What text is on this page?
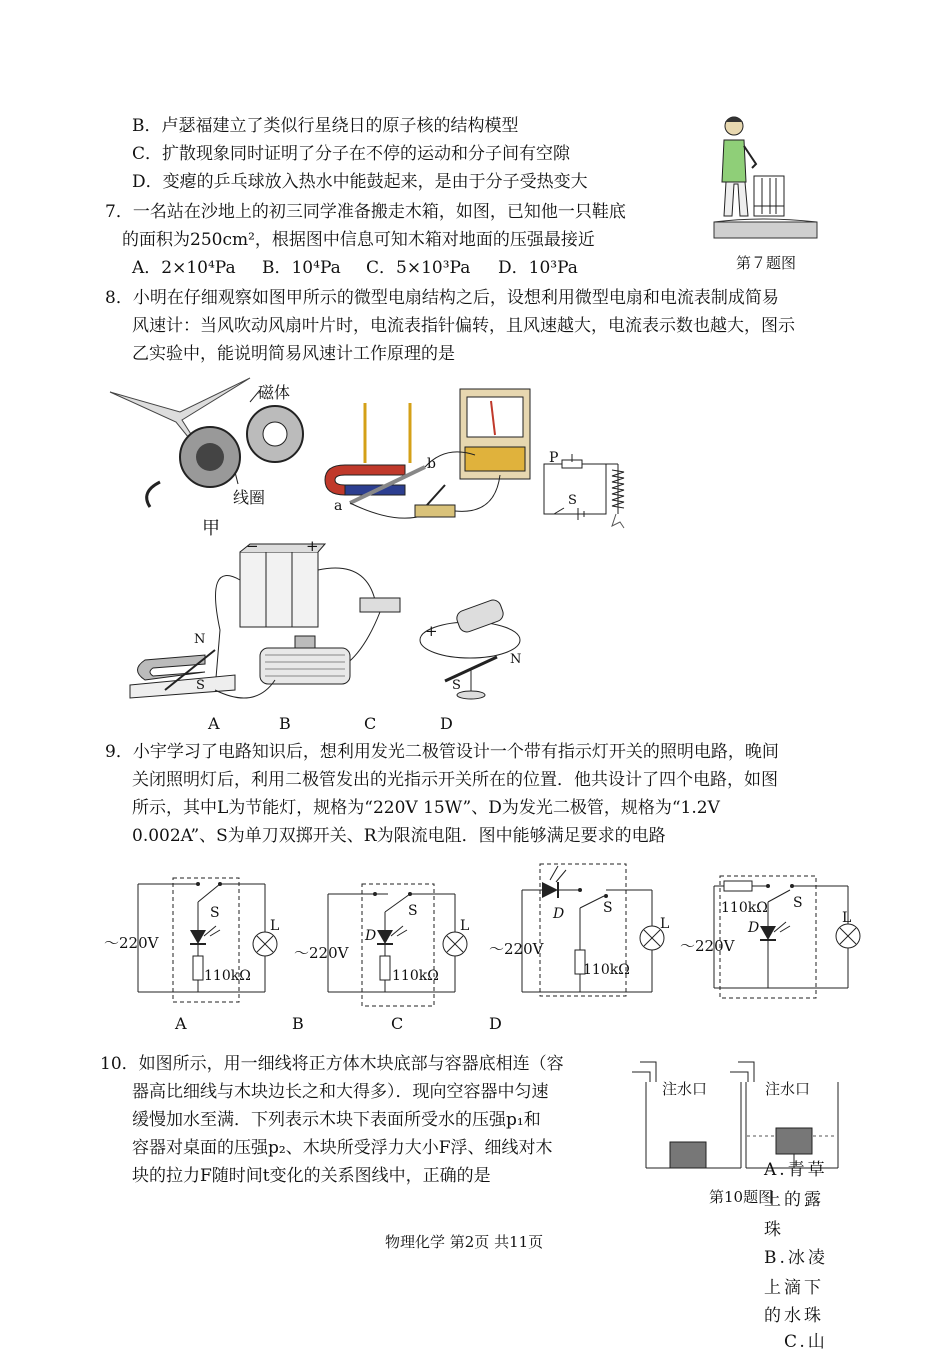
B．卢瑟福建立了类似行星绕日的原子核的结构模型
C．扩散现象同时证明了分子在不停的运动和分子间有空隙
D．变瘪的乒乓球放入热水中能鼓起来，是由于分子受热变大
7．一名站在沙地上的初三同学准备搬走木箱，如图，已知他一只鞋底
的面积为250cm²，根据图中信息可知木箱对地面的压强最接近
A．2×10⁴Pa B．10⁴Pa C．5×10³Pa D．10³Pa	第７题图
8．小明在仔细观察如图甲所示的微型电扇结构之后，设想利用微型电扇和电流表制成简易
风速计：当风吹动风扇叶片时，电流表指针偏转，且风速越大，电流表示数也越大，图示
乙实验中，能说明简易风速计工作原理的是
磁体
线圈
甲
a
b	P
S
−	+
N
S
+
N
S
A	B	C	D
9．小宇学习了电路知识后，想利用发光二极管设计一个带有指示灯开关的照明电路，晚间
关闭照明灯后，利用二极管发出的光指示开关所在的位置．他共设计了四个电路，如图
所示，其中L为节能灯，规格为“220V 15W”、D为发光二极管，规格为“1.2V
0.002A”、S为单刀双掷开关、R为限流电阻．图中能够满足要求的电路
～220V
110kΩ
S
L
～220V
110kΩ
S
D
L
～220V
110kΩ
S
D
L
～220V
110kΩ S
D
L
A	B	C	D
10．如图所示，用一细线将正方体木块底部与容器底相连（容
器高比细线与木块边长之和大得多）．现向空容器中匀速
缓慢加水至满．下列表示木块下表面所受水的压强p₁和
容器对桌面的压强p₂、木块所受浮力大小F浮、细线对木
块的拉力F随时间t变化的关系图线中，正确的是
注水口	注水口
第10题图
A.青草
上的露
珠
B.冰凌
上滴下
的水珠
C.山
物理化学 第2页 共11页
